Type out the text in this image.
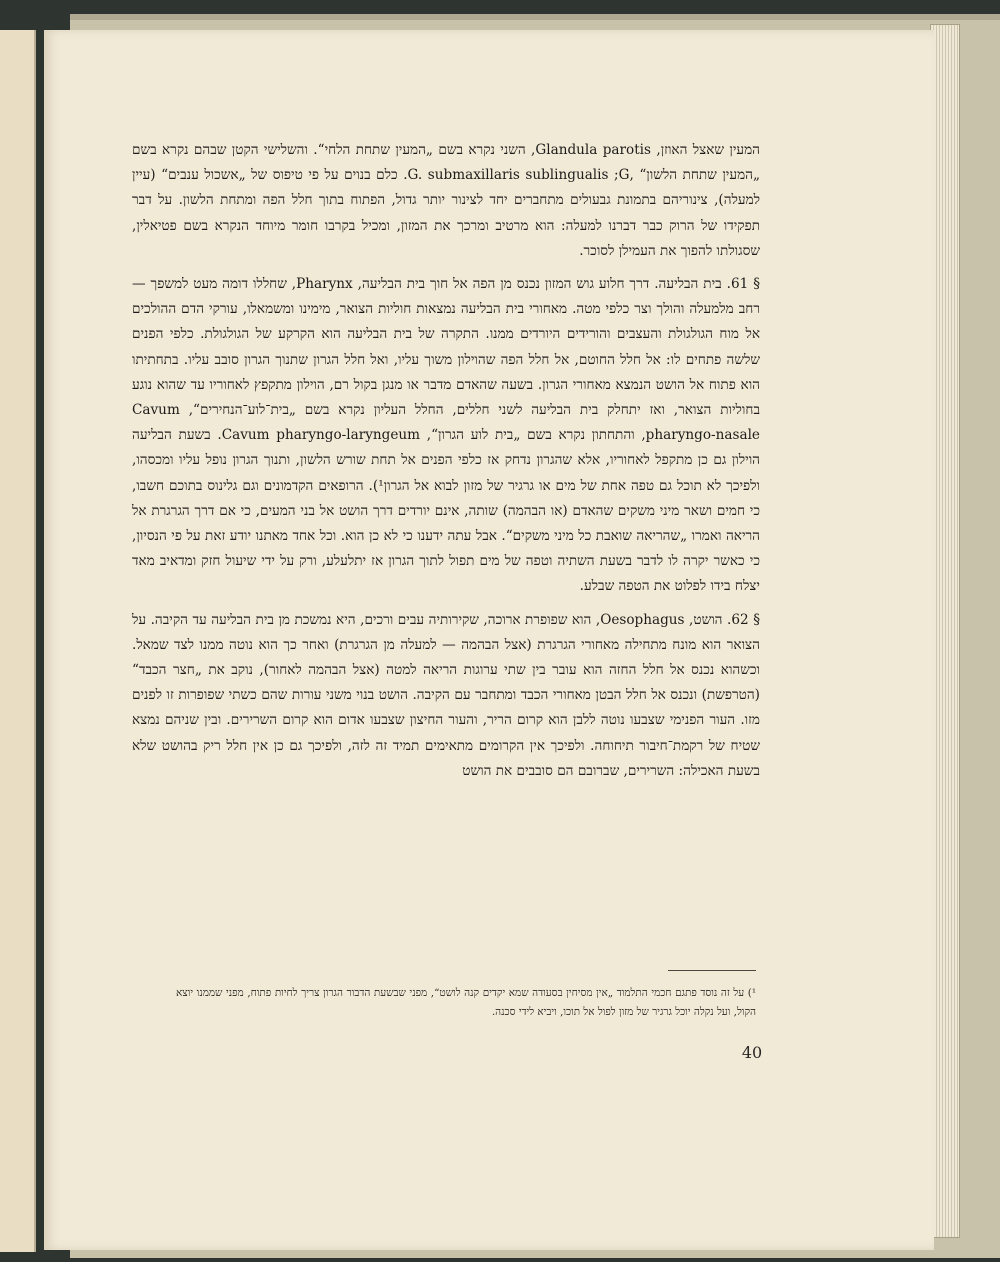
המעין שאצל האוזן, Glandula parotis, השני נקרא בשם „המעין שתחת הלחי“. והשלישי הקטן שבהם נקרא בשם „המעין שתחת הלשון“ ,G. submaxillaris sublingualis ;G. כלם בנוים על פי טיפוס של „אשכול ענבים“ (עיין למעלה), צינוריהם בתמונת גבעולים מתחברים יחד לצינור יותר גדול, הפתוח בתוך חלל הפה ומתחת הלשון. על דבר תפקידו של הרוק כבר דברנו למעלה: הוא מרטיב ומרכך את המזון, ומכיל בקרבו חומר מיוחד הנקרא בשם פטיאלין, שסגולתו להפוך את העמילן לסוכר.

§ 61. בית הבליעה. דרך חלוע גוש המזון נכנס מן הפה אל חוך בית הבליעה, Pharynx, שחללו דומה מעט למשפך — רחב מלמעלה והולך וצר כלפי מטה. מאחורי בית הבליעה נמצאות חוליות הצואר, מימינו ומשמאלו, עורקי הדם ההולכים אל מוח הגולגולת והעצבים והורידים היורדים ממנו. התקרה של בית הבליעה הוא הקרקע של הגולגולת. כלפי הפנים שלשה פתחים לו: אל חלל החוטם, אל חלל הפה שהוילון משוך עליו, ואל חלל הגרון שתנוך הגרון סובב עליו. בתחתיתו הוא פתוח אל הושט הנמצא מאחורי הגרון. בשעה שהאדם מדבר או מנגן בקול רם, הוילון מתקפץ לאחוריו עד שהוא נוגע בחוליות הצואר, ואז יתחלק בית הבליעה לשני חללים, החלל העליון נקרא בשם „בית־לוע־הנחירים“, Cavum pharyngo-nasale, והתחתון נקרא בשם „בית לוע הגרון“, Cavum pharyngo-laryngeum. בשעת הבליעה הוילון גם כן מתקפל לאחוריו, אלא שהגרון נדחק אז כלפי הפנים אל תחת שורש הלשון, ותנוך הגרון נופל עליו ומכסהו, ולפיכך לא תוכל גם טפה אחת של מים או גרגיר של מזון לבוא אל הגרון¹). הרופאים הקדמונים וגם גלינוס בתוכם חשבו, כי חמים ושאר מיני משקים שהאדם (או הבהמה) שותה, אינם יורדים דרך הושט אל בני המעים, כי אם דרך הגרגרת אל הריאה ואמרו „שהריאה שואבת כל מיני משקים“. אבל עתה ידענו כי לא כן הוא. וכל אחד מאתנו יודע זאת על פי הנסיון, כי כאשר יקרה לו לדבר בשעת השתיה וטפה של מים תפול לתוך הגרון אז יתלעלע, ורק על ידי שיעול חזק ומדאיב מאד יצלח בידו לפלוט את הטפה שבלע.

§ 62. הושט, Oesophagus, הוא שפופרת ארוכה, שקירותיה עבים ורכים, היא נמשכת מן בית הבליעה עד הקיבה. על הצואר הוא מונח מתחילה מאחורי הגרגרת (אצל הבהמה — למעלה מן הגרגרת) ואחר כך הוא נוטה ממנו לצד שמאל. וכשהוא נכנס אל חלל החזה הוא עובר בין שתי ערוגות הריאה למטה (אצל הבהמה לאחור), נוקב את „חצר הכבד“ (הטרפשת) ונכנס אל חלל הבטן מאחורי הכבד ומתחבר עם הקיבה. הושט בנוי משני עורות שהם כשתי שפופרות זו לפנים מזו. העור הפנימי שצבעו נוטה ללבן הוא קרום הריר, והעור החיצון שצבעו אדום הוא קרום השרירים. ובין שניהם נמצא שטיח של רקמת־חיבור תיחוחה. ולפיכך אין הקרומים מתאימים תמיד זה לזה, ולפיכך גם כן אין חלל ריק בהושט שלא בשעת האכילה: השרירים, שברובם הם סובבים את הושט

¹) על זה נוסד פתגם חכמי התלמוד „אין מסיחין בסעודה שמא יקדים קנה לושט“, מפני שבשעת הדבור הגרון צריך לחיות פתוח, מפני שממנו יוצא הקול, ועל נקלה יוכל גרגיר של מזון לפול אל תוכו, ויביא לידי סכנה.
40
